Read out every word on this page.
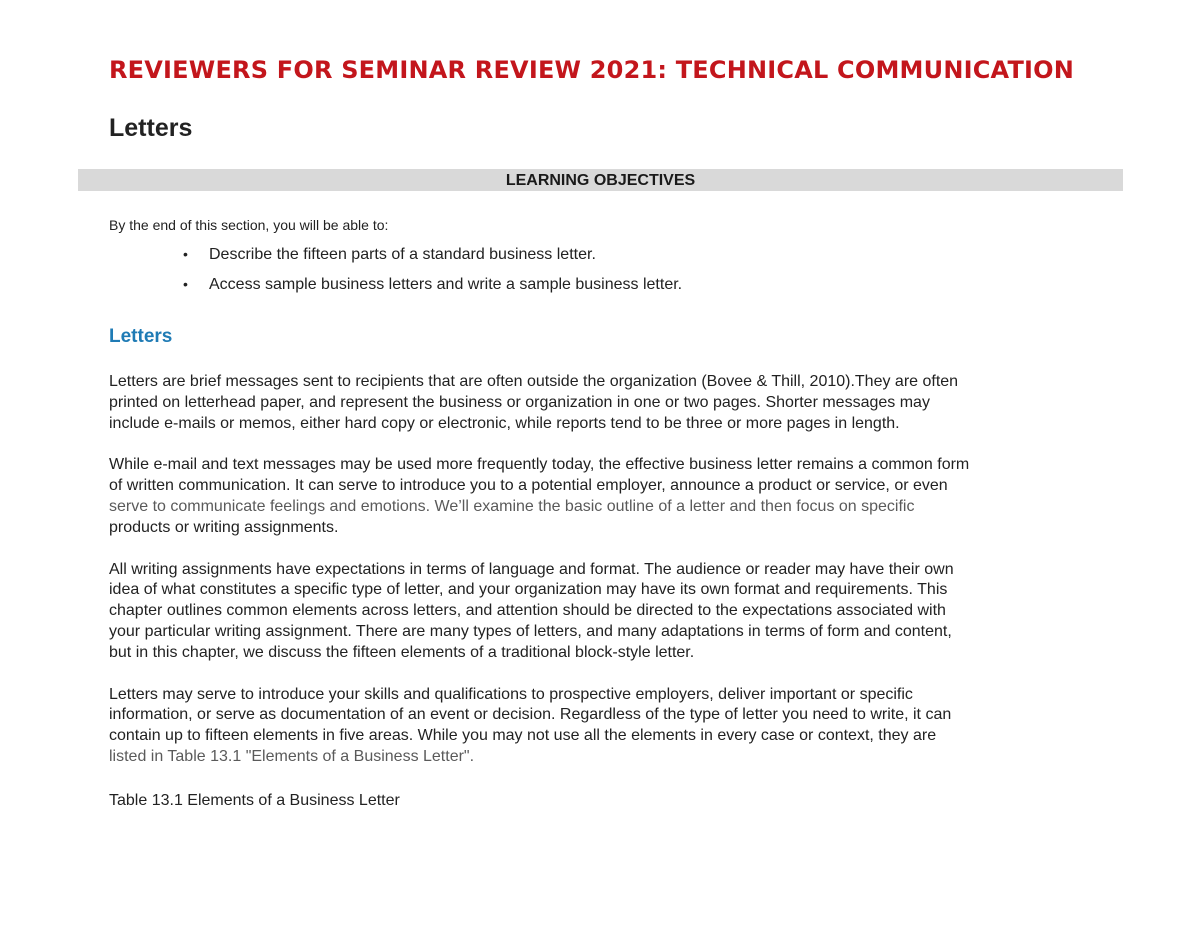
REVIEWERS FOR SEMINAR REVIEW 2021: TECHNICAL COMMUNICATION
Letters
LEARNING OBJECTIVES
By the end of this section, you will be able to:
• Describe the fifteen parts of a standard business letter.
• Access sample business letters and write a sample business letter.
Letters

Letters are brief messages sent to recipients that are often outside the organization (Bovee & Thill, 2010).They are often
printed on letterhead paper, and represent the business or organization in one or two pages. Shorter messages may
include e-mails or memos, either hard copy or electronic, while reports tend to be three or more pages in length.

While e-mail and text messages may be used more frequently today, the effective business letter remains a common form
of written communication. It can serve to introduce you to a potential employer, announce a product or service, or even
serve to communicate feelings and emotions. We’ll examine the basic outline of a letter and then focus on specific
products or writing assignments.

All writing assignments have expectations in terms of language and format. The audience or reader may have their own
idea of what constitutes a specific type of letter, and your organization may have its own format and requirements. This
chapter outlines common elements across letters, and attention should be directed to the expectations associated with
your particular writing assignment. There are many types of letters, and many adaptations in terms of form and content,
but in this chapter, we discuss the fifteen elements of a traditional block-style letter.

Letters may serve to introduce your skills and qualifications to prospective employers, deliver important or specific
information, or serve as documentation of an event or decision. Regardless of the type of letter you need to write, it can
contain up to fifteen elements in five areas. While you may not use all the elements in every case or context, they are
listed in Table 13.1 "Elements of a Business Letter".

Table 13.1 Elements of a Business Letter
